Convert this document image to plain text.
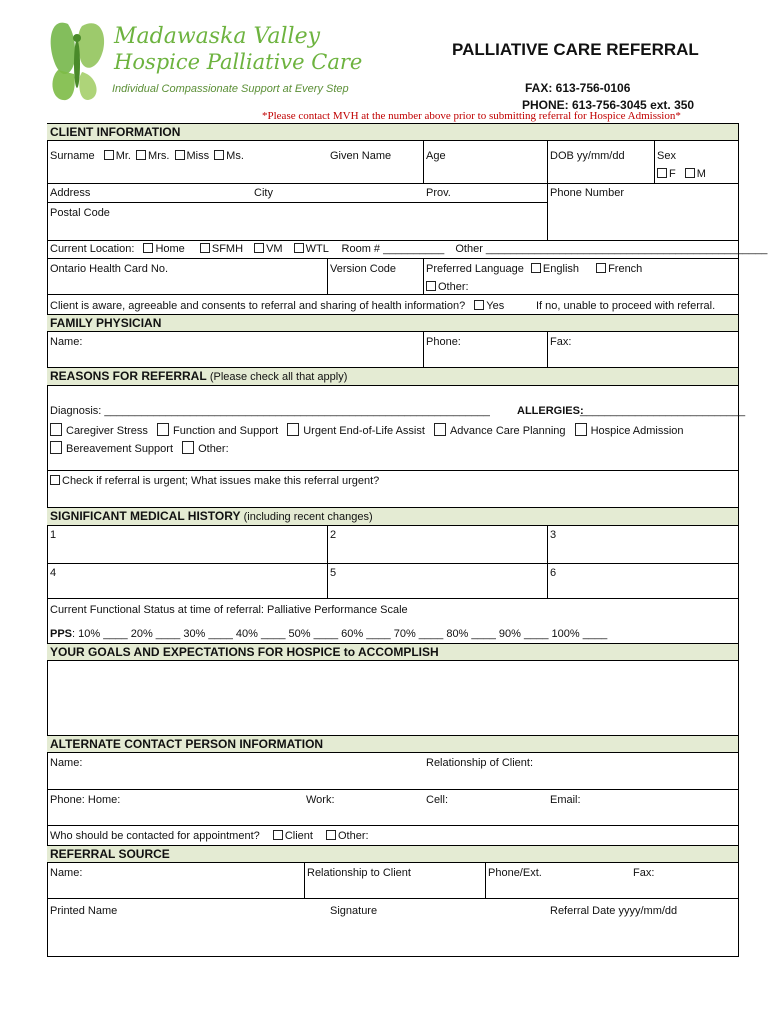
Madawaska Valley
Hospice Palliative Care
Individual Compassionate Support at Every Step
PALLIATIVE CARE REFERRAL
FAX: 613-756-0106
PHONE: 613-756-3045 ext. 350
*Please contact MVH at the number above prior to submitting referral for Hospice Admission*
CLIENT INFORMATION
Surname Mr. Mrs. Miss Ms.	Given Name	Age	DOB yy/mm/dd	Sex
F M
Address	City	Prov.	Phone Number
Postal Code
Current Location: Home SFMH VM WTL Room # __________ Other ______________________________________________
Ontario Health Card No.	Version Code	Preferred Language English	French
Other:
Client is aware, agreeable and consents to referral and sharing of health information? Yes	If no, unable to proceed with referral.
FAMILY PHYSICIAN
Name:	Phone:	Fax:
REASONS FOR REFERRAL (Please check all that apply)
Diagnosis: _______________________________________________________________ ALLERGIES:
___________________________
Caregiver Stress Function and Support Urgent End-of-Life Assist Advance Care Planning Hospice Admission
Bereavement Support Other:
Check if referral is urgent; What issues make this referral urgent?
SIGNIFICANT MEDICAL HISTORY (including recent changes)
1	2	3
4	5	6
Current Functional Status at time of referral: Palliative Performance Scale
PPS: 10% ____ 20% ____ 30% ____ 40% ____ 50% ____ 60% ____ 70% ____ 80% ____ 90% ____ 100% ____
YOUR GOALS AND EXPECTATIONS FOR HOSPICE to ACCOMPLISH
ALTERNATE CONTACT PERSON INFORMATION
Name:	Relationship of Client:
Phone: Home:	Work:	Cell:	Email:
Who should be contacted for appointment? Client Other:
REFERRAL SOURCE
Name:	Relationship to Client	Phone/Ext.	Fax:
Printed Name	Signature	Referral Date yyyy/mm/dd
